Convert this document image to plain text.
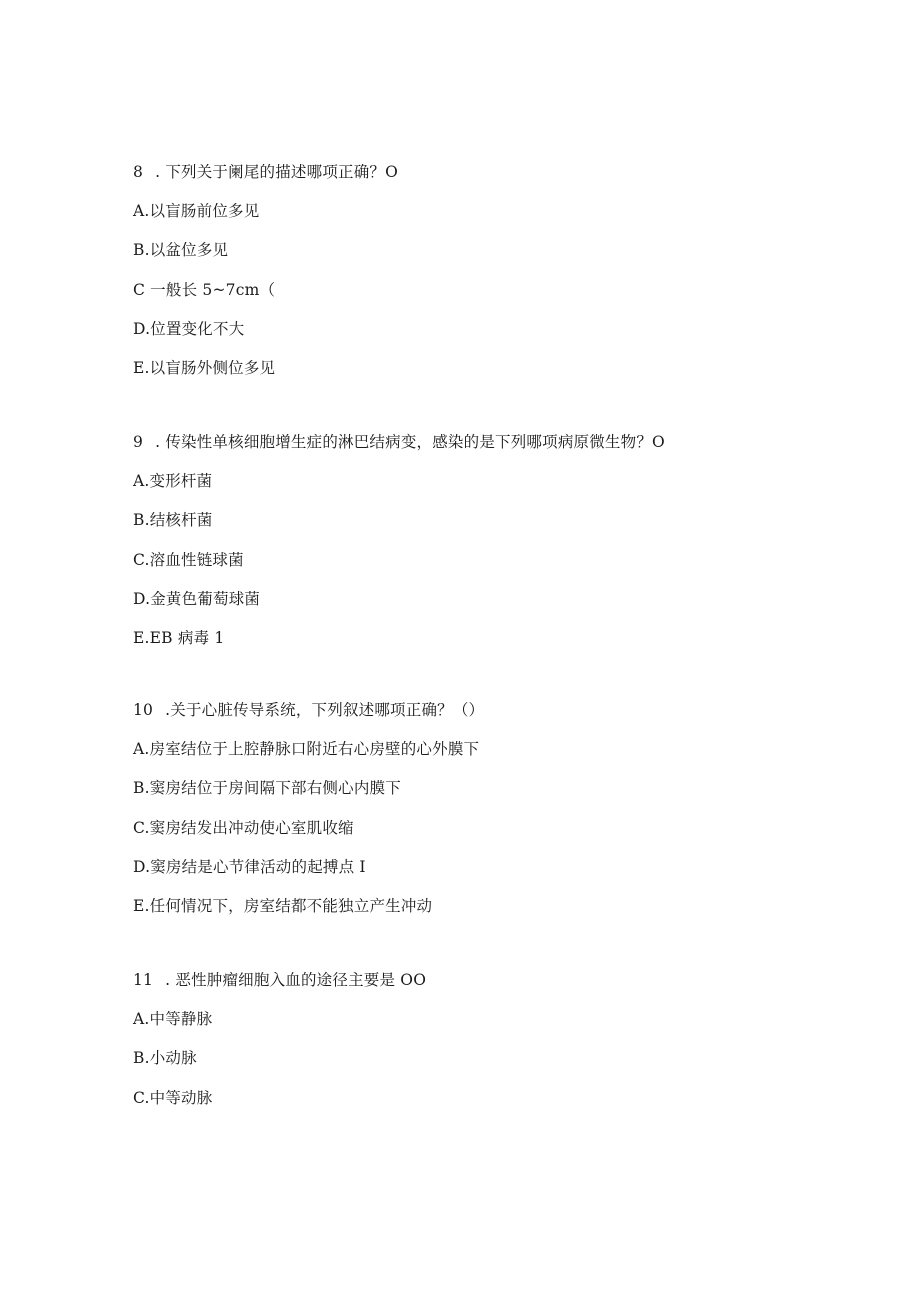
8 . 下列关于阑尾的描述哪项正确？O
A.以盲肠前位多见
B.以盆位多见
C 一般长 5~7cm（
D.位置变化不大
E.以盲肠外侧位多见
9 . 传染性单核细胞增生症的淋巴结病变，感染的是下列哪项病原微生物？O
A.变形杆菌
B.结核杆菌
C.溶血性链球菌
D.金黄色葡萄球菌
E.EB 病毒 1
10 .关于心脏传导系统，下列叙述哪项正确？（）
A.房室结位于上腔静脉口附近右心房壁的心外膜下
B.窦房结位于房间隔下部右侧心内膜下
C.窦房结发出冲动使心室肌收缩
D.窦房结是心节律活动的起搏点 I
E.任何情况下，房室结都不能独立产生冲动
11 . 恶性肿瘤细胞入血的途径主要是 OO
A.中等静脉
B.小动脉
C.中等动脉
